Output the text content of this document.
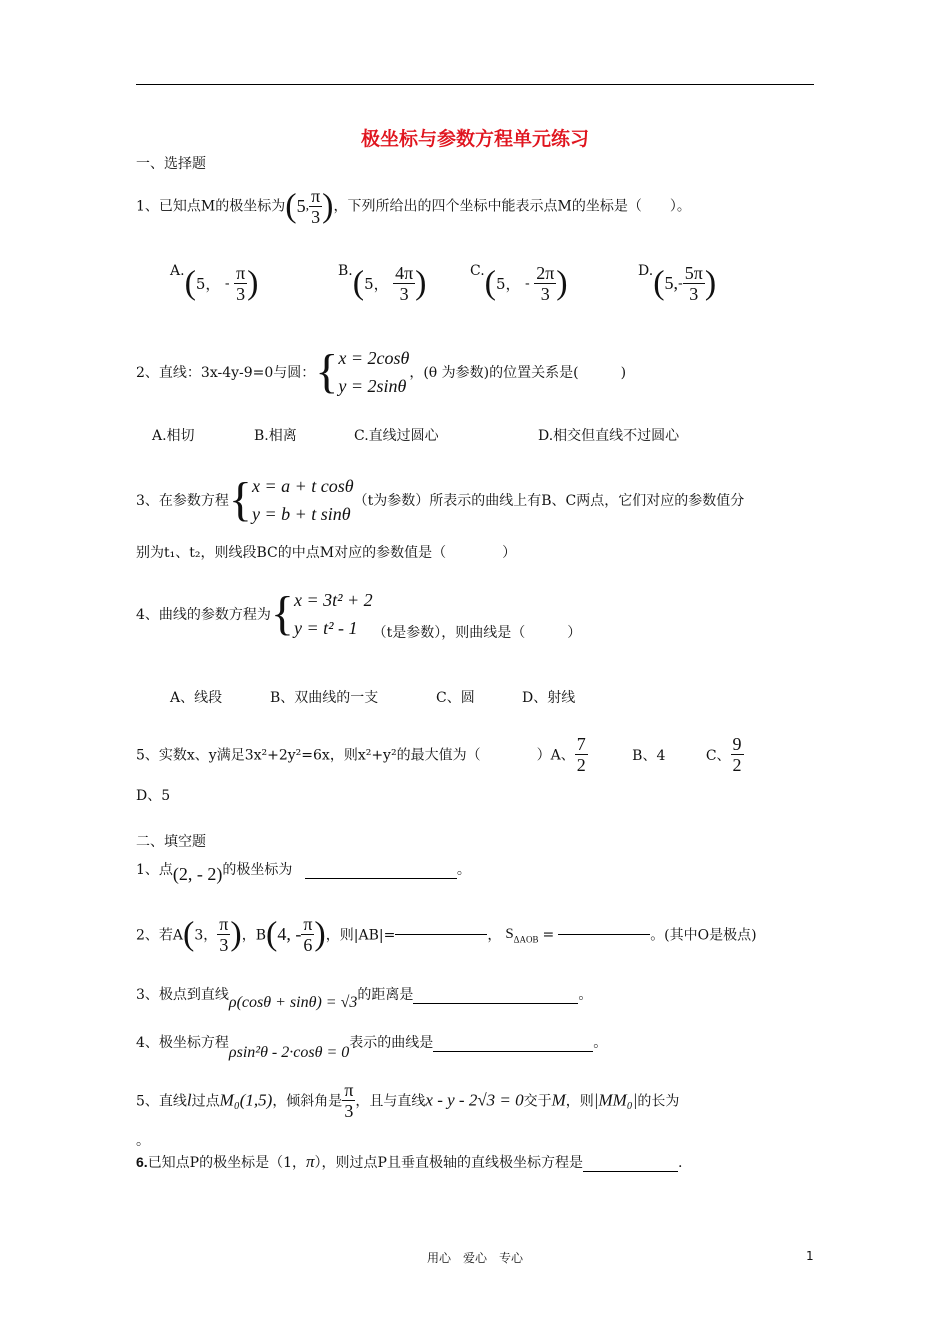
极坐标与参数方程单元练习
一、选择题
1、已知点M的极坐标为(5, $\frac{\pi}{3}$ )，下列所给出的四个坐标中能表示点M的坐标是（　　）。
A.(5， - $\frac{\pi}{3}$ )	B.(5， $\frac{4\pi}{3}$ )	C.(5， - $\frac{2\pi}{3}$ )	$D.(5,- \frac{5\pi}{3}$ )
2、直线：3x-4y-9=0与圆：{ x = 2cosθ
y = 2sinθ
，(θ 为参数)的位置关系是(　　　)
A.相切	B.相离	C.直线过圆心	D.相交但直线不过圆心
3、在参数方程{ x = a + t cosθ
y = b + t sinθ
（t为参数）所表示的曲线上有B、C两点，它们对应的参数值分
别为t₁、t₂，则线段BC的中点M对应的参数值是（　　　　）
4、曲线的参数方程为{ x = 3t² + 2
y = t² - 1	（t是参数），则曲线是（　　　）
A、线段	B、双曲线的一支	C、圆	D、射线
5、实数x、y满足3x²+2y²=6x，则x²+y²的最大值为（　　　　）A、 $\frac{7}{2}$	B、4	C、 $\frac{9}{2}$
D、5
二、填空题
1、点(2, - 2)的极坐标为	。
2、若A(3， $\frac{\pi}{3}$ )，B(4, - $\frac{\pi}{6}$ )，则|AB|=	， $S_{\Delta AOB}$ =	。(其中O是极点)
3、极点到直线ρ(cosθ + sinθ) = √3的距离是	。
4、极坐标方程ρsin²θ - 2·cosθ = 0表示的曲线是	。
5、直线l过点M₀(1,5)，倾斜角是 $\frac{\pi}{3}$ ，且与直线x - y - 2√3 = 0交于M，则|MM₀|的长为
。
6.已知点P的极坐标是（1，π），则过点P且垂直极轴的直线极坐标方程是	.
用心　爱心　专心	1
